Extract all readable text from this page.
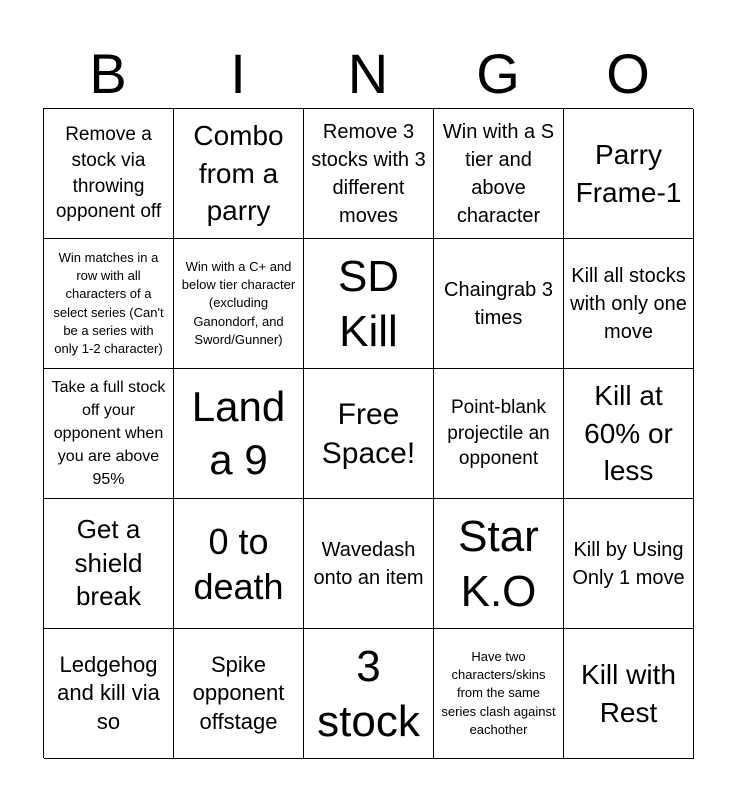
B	I	N	G	O
Remove a stock via throwing opponent off
Combo from a parry
Remove 3 stocks with 3 different moves
Win with a S tier and above character
Parry Frame-1
Win matches in a row with all characters of a select series (Can't be a series with only 1-2 character)
Win with a C+ and below tier character (excluding Ganondorf, and Sword/Gunner)
SD Kill
Chaingrab 3 times
Kill all stocks with only one move
Take a full stock off your opponent when you are above 95%
Land a 9
Free Space!
Point-blank projectile an opponent
Kill at 60% or less
Get a shield break
0 to death
Wavedash onto an item
Star K.O
Kill by Using Only 1 move
Ledgehog and kill via so
Spike opponent offstage
3 stock
Have two characters/skins from the same series clash against eachother
Kill with Rest
